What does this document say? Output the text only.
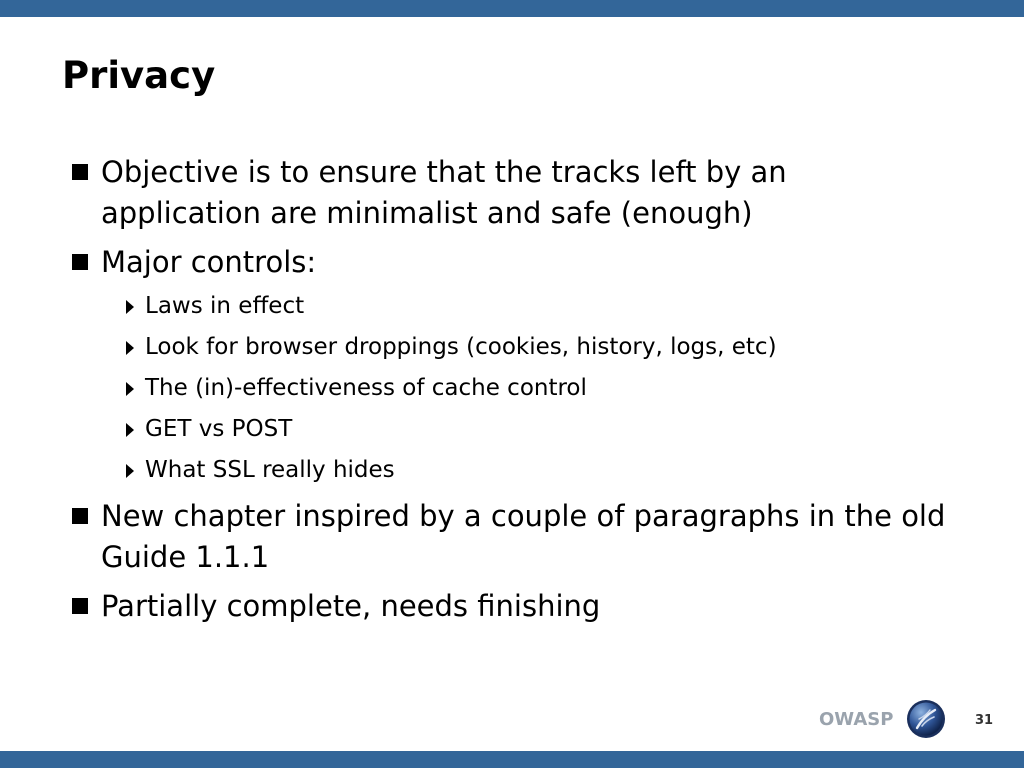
Privacy
Objective is to ensure that the tracks left by an application are minimalist and safe (enough)
Major controls:
Laws in effect
Look for browser droppings (cookies, history, logs, etc)
The (in)-effectiveness of cache control
GET vs POST
What SSL really hides
New chapter inspired by a couple of paragraphs in the old Guide 1.1.1
Partially complete, needs finishing
OWASP	31
